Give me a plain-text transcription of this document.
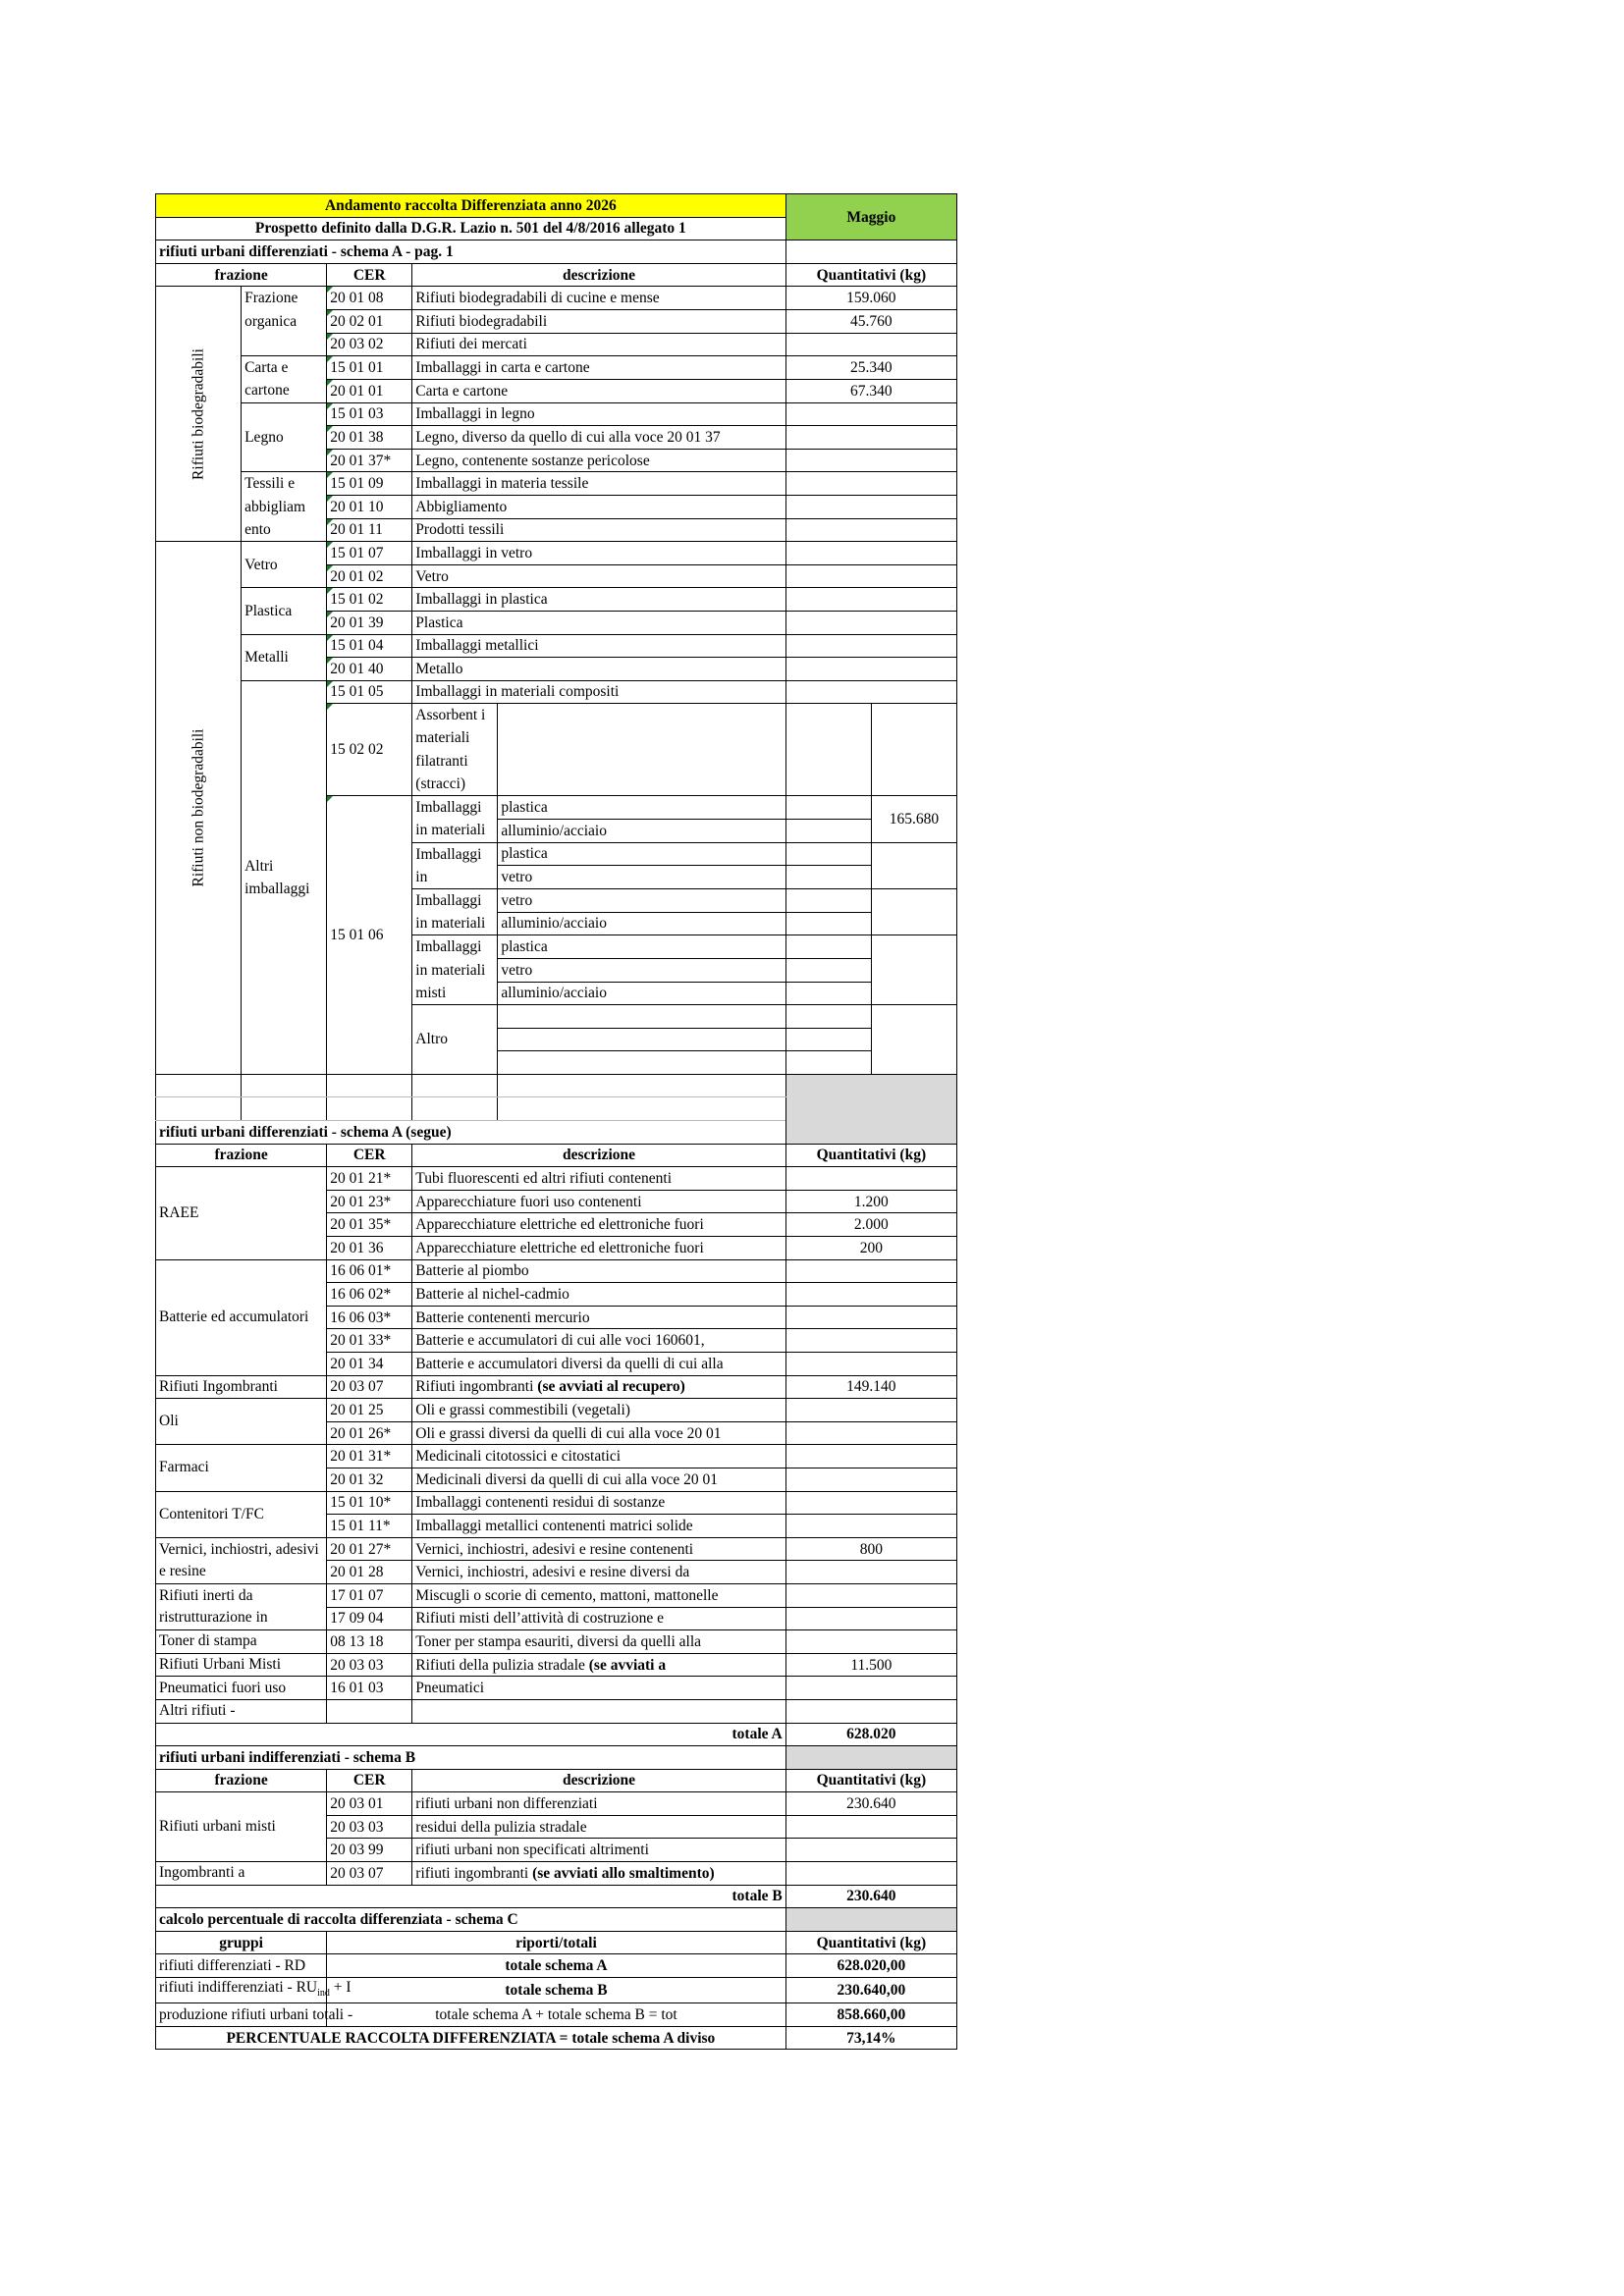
Andamento raccolta Differenziata anno 2026					Maggio	
Prospetto definito dalla D.G.R. Lazio n. 501 del 4/8/2016 allegato 1						
rifiuti urbani differenziati - schema A - pag. 1						
frazione		CER	descrizione		Quantitativi (kg)	

Rifiuti biodegradabili	Frazione organica	20 01 08	Rifiuti biodegradabili di cucine e mense		159.060	
		20 02 01	Rifiuti biodegradabili		45.760	
		20 03 02	Rifiuti dei mercati			
	Carta e cartone	15 01 01	Imballaggi in carta e cartone		25.340	
		20 01 01	Carta e cartone		67.340	
	Legno	15 01 03	Imballaggi in legno			
		20 01 38	Legno, diverso da quello di cui alla voce 20 01 37			
		20 01 37*	Legno, contenente sostanze pericolose			
	Tessili e abbigliam ento	15 01 09	Imballaggi in materia tessile			
		20 01 10	Abbigliamento			
		20 01 11	Prodotti tessili			

Rifiuti non biodegradabili	Vetro	15 01 07	Imballaggi in vetro			
		20 01 02	Vetro			
	Plastica	15 01 02	Imballaggi in plastica			
		20 01 39	Plastica			
	Metalli	15 01 04	Imballaggi metallici			
		20 01 40	Metallo			
	Altri imballaggi	15 01 05	Imballaggi in materiali compositi			
		15 02 02	Assorbent i materiali filatranti (stracci)			

		15 01 06	Imballaggi in materiali	plastica		165.680
				alluminio/acciaio		

			Imballaggi in	plastica		
				vetro		
			Imballaggi in materiali	vetro		
				alluminio/acciaio		

			Imballaggi in materiali misti	plastica		
				vetro		
				alluminio/acciaio		

			Altro			

rifiuti urbani differenziati - schema A (segue)						
frazione		CER	descrizione		Quantitativi (kg)	
RAEE		20 01 21*	Tubi fluorescenti ed altri rifiuti contenenti			
		20 01 23*	Apparecchiature fuori uso contenenti		1.200	
		20 01 35*	Apparecchiature elettriche ed elettroniche fuori		2.000	
		20 01 36	Apparecchiature elettriche ed elettroniche fuori		200	
Batterie ed accumulatori		16 06 01*	Batterie al piombo			
		16 06 02*	Batterie al nichel-cadmio			
		16 06 03*	Batterie contenenti mercurio			
		20 01 33*	Batterie e accumulatori di cui alle voci 160601,			
		20 01 34	Batterie e accumulatori diversi da quelli di cui alla			
Rifiuti Ingombranti		20 03 07	Rifiuti ingombranti (se avviati al recupero)		149.140	
Oli		20 01 25	Oli e grassi commestibili (vegetali)			
		20 01 26*	Oli e grassi diversi da quelli di cui alla voce 20 01			
Farmaci		20 01 31*	Medicinali citotossici e citostatici			
		20 01 32	Medicinali diversi da quelli di cui alla voce 20 01			
Contenitori T/FC		15 01 10*	Imballaggi contenenti residui di sostanze			
		15 01 11*	Imballaggi metallici contenenti matrici solide			
Vernici, inchiostri, adesivi e resine		20 01 27*	Vernici, inchiostri, adesivi e resine contenenti		800	
		20 01 28	Vernici, inchiostri, adesivi e resine diversi da			
Rifiuti inerti da ristrutturazione in		17 01 07	Miscugli o scorie di cemento, mattoni, mattonelle			
		17 09 04	Rifiuti misti dell’attività di costruzione e			
Toner di stampa		08 13 18	Toner per stampa esauriti, diversi da quelli alla			
Rifiuti Urbani Misti		20 03 03	Rifiuti della pulizia stradale (se avviati a		11.500	
Pneumatici fuori uso		16 01 03	Pneumatici			
Altri rifiuti -						
totale A					628.020	
rifiuti urbani indifferenziati - schema B						
frazione		CER	descrizione		Quantitativi (kg)	
Rifiuti urbani misti		20 03 01	rifiuti urbani non differenziati		230.640	
		20 03 03	residui della pulizia stradale			
		20 03 99	rifiuti urbani non specificati altrimenti			
Ingombranti a		20 03 07	rifiuti ingombranti (se avviati allo smaltimento)			
totale B					230.640	
calcolo percentuale di raccolta differenziata - schema C						
gruppi		riporti/totali			Quantitativi (kg)	
rifiuti differenziati - RD		totale schema A			628.020,00	
rifiuti indifferenziati - $RU_{ind} + I$		totale schema B			230.640,00	
produzione rifiuti urbani totali -		totale schema A + totale schema B = tot			858.660,00	
PERCENTUALE RACCOLTA DIFFERENZIATA = totale schema A diviso					73,14%	
